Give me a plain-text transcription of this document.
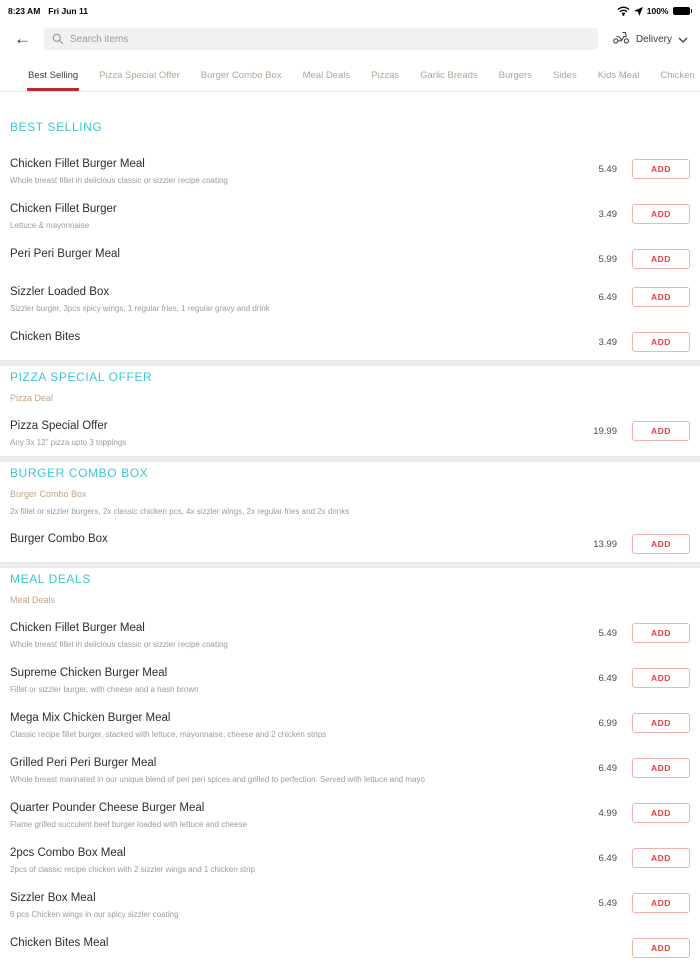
8:23 AM Fri Jun 11	100%
←
Search items	Delivery
Best Selling Pizza Special Offer Burger Combo Box Meal Deals Pizzas Garlic Breads Burgers Sides Kids Meal Chicken
BEST SELLING
Chicken Fillet Burger Meal
Whole breast fillet in delicious classic or sizzler recipe coating
5.49	ADD
Chicken Fillet Burger
Lettuce & mayonnaise
3.49	ADD
Peri Peri Burger Meal	5.99	ADD
Sizzler Loaded Box
Sizzler burger, 3pcs spicy wings, 1 regular fries, 1 regular gravy and drink
6.49	ADD
Chicken Bites	3.49	ADD
PIZZA SPECIAL OFFER
Pizza Deal
Pizza Special Offer
Any 3x 12" pizza upto 3 toppings
19.99	ADD
BURGER COMBO BOX
Burger Combo Box
2x fillet or sizzler burgers, 2x classic chicken pcs, 4x sizzler wings, 2x regular fries and 2x drinks
Burger Combo Box	13.99	ADD
MEAL DEALS
Meal Deals
Chicken Fillet Burger Meal
Whole breast fillet in delicious classic or sizzler recipe coating
5.49	ADD
Supreme Chicken Burger Meal
Fillet or sizzler burger, with cheese and a hash brown
6.49	ADD
Mega Mix Chicken Burger Meal
Classic recipe fillet burger, stacked with lettuce, mayonnaise, cheese and 2 chicken strips
6.99	ADD
Grilled Peri Peri Burger Meal
Whole breast marinated in our unique blend of peri peri spices and grilled to perfection. Served with lettuce and mayo
6.49	ADD
Quarter Pounder Cheese Burger Meal
Flame grilled succulent beef burger loaded with lettuce and cheese
4.99	ADD
2pcs Combo Box Meal
2pcs of classic recipe chicken with 2 sizzler wings and 1 chicken strip
6.49	ADD
Sizzler Box Meal
6 pcs Chicken wings in our spicy sizzler coating
5.49	ADD
Chicken Bites Meal	ADD
